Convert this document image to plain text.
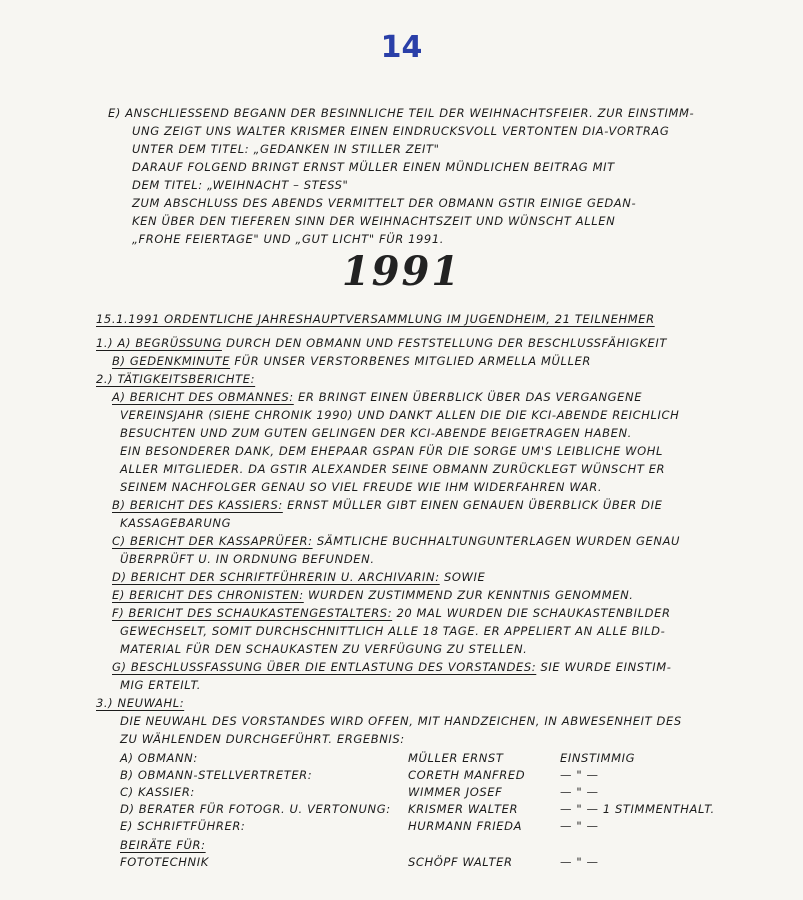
14
E) ANSCHLIESSEND BEGANN DER BESINNLICHE TEIL DER WEIHNACHTSFEIER. ZUR EINSTIMM-
UNG ZEIGT UNS WALTER KRISMER EINEN EINDRUCKSVOLL VERTONTEN DIA-VORTRAG
UNTER DEM TITEL: „GEDANKEN IN STILLER ZEIT"
DARAUF FOLGEND BRINGT ERNST MÜLLER EINEN MÜNDLICHEN BEITRAG MIT
DEM TITEL: „WEIHNACHT – STESS"
ZUM ABSCHLUSS DES ABENDS VERMITTELT DER OBMANN GSTIR EINIGE GEDAN-
KEN ÜBER DEN TIEFEREN SINN DER WEIHNACHTSZEIT UND WÜNSCHT ALLEN
„FROHE FEIERTAGE" UND „GUT LICHT" FÜR 1991.
1991
15.1.1991 ORDENTLICHE JAHRESHAUPTVERSAMMLUNG IM JUGENDHEIM, 21 TEILNEHMER
1.) A) BEGRÜSSUNG DURCH DEN OBMANN UND FESTSTELLUNG DER BESCHLUSSFÄHIGKEIT
B) GEDENKMINUTE FÜR UNSER VERSTORBENES MITGLIED ARMELLA MÜLLER
2.) TÄTIGKEITSBERICHTE:
A) BERICHT DES OBMANNES: ER BRINGT EINEN ÜBERBLICK ÜBER DAS VERGANGENE
VEREINSJAHR (SIEHE CHRONIK 1990) UND DANKT ALLEN DIE DIE KCI-ABENDE REICHLICH
BESUCHTEN UND ZUM GUTEN GELINGEN DER KCI-ABENDE BEIGETRAGEN HABEN.
EIN BESONDERER DANK, DEM EHEPAAR GSPAN FÜR DIE SORGE UM'S LEIBLICHE WOHL
ALLER MITGLIEDER. DA GSTIR ALEXANDER SEINE OBMANN ZURÜCKLEGT WÜNSCHT ER
SEINEM NACHFOLGER GENAU SO VIEL FREUDE WIE IHM WIDERFAHREN WAR.
B) BERICHT DES KASSIERS: ERNST MÜLLER GIBT EINEN GENAUEN ÜBERBLICK ÜBER DIE
KASSAGEBARUNG
C) BERICHT DER KASSAPRÜFER: SÄMTLICHE BUCHHALTUNGUNTERLAGEN WURDEN GENAU
ÜBERPRÜFT U. IN ORDNUNG BEFUNDEN.
D) BERICHT DER SCHRIFTFÜHRERIN U. ARCHIVARIN: SOWIE
E) BERICHT DES CHRONISTEN: WURDEN ZUSTIMMEND ZUR KENNTNIS GENOMMEN.
F) BERICHT DES SCHAUKASTENGESTALTERS: 20 MAL WURDEN DIE SCHAUKASTENBILDER
GEWECHSELT, SOMIT DURCHSCHNITTLICH ALLE 18 TAGE. ER APPELIERT AN ALLE BILD-
MATERIAL FÜR DEN SCHAUKASTEN ZU VERFÜGUNG ZU STELLEN.
G) BESCHLUSSFASSUNG ÜBER DIE ENTLASTUNG DES VORSTANDES: SIE WURDE EINSTIM-
MIG ERTEILT.
3.) NEUWAHL:
DIE NEUWAHL DES VORSTANDES WIRD OFFEN, MIT HANDZEICHEN, IN ABWESENHEIT DES
ZU WÄHLENDEN DURCHGEFÜHRT. ERGEBNIS:
A) OBMANN:	MÜLLER ERNST	EINSTIMMIG
B) OBMANN-STELLVERTRETER:	CORETH MANFRED	— " —
C) KASSIER:	WIMMER JOSEF	— " —
D) BERATER FÜR FOTOGR. U. VERTONUNG:	KRISMER WALTER	— " — 1 STIMMENTHALT.
E) SCHRIFTFÜHRER:	HURMANN FRIEDA	— " —
BEIRÄTE FÜR:
FOTOTECHNIK	SCHÖPF WALTER	— " —
